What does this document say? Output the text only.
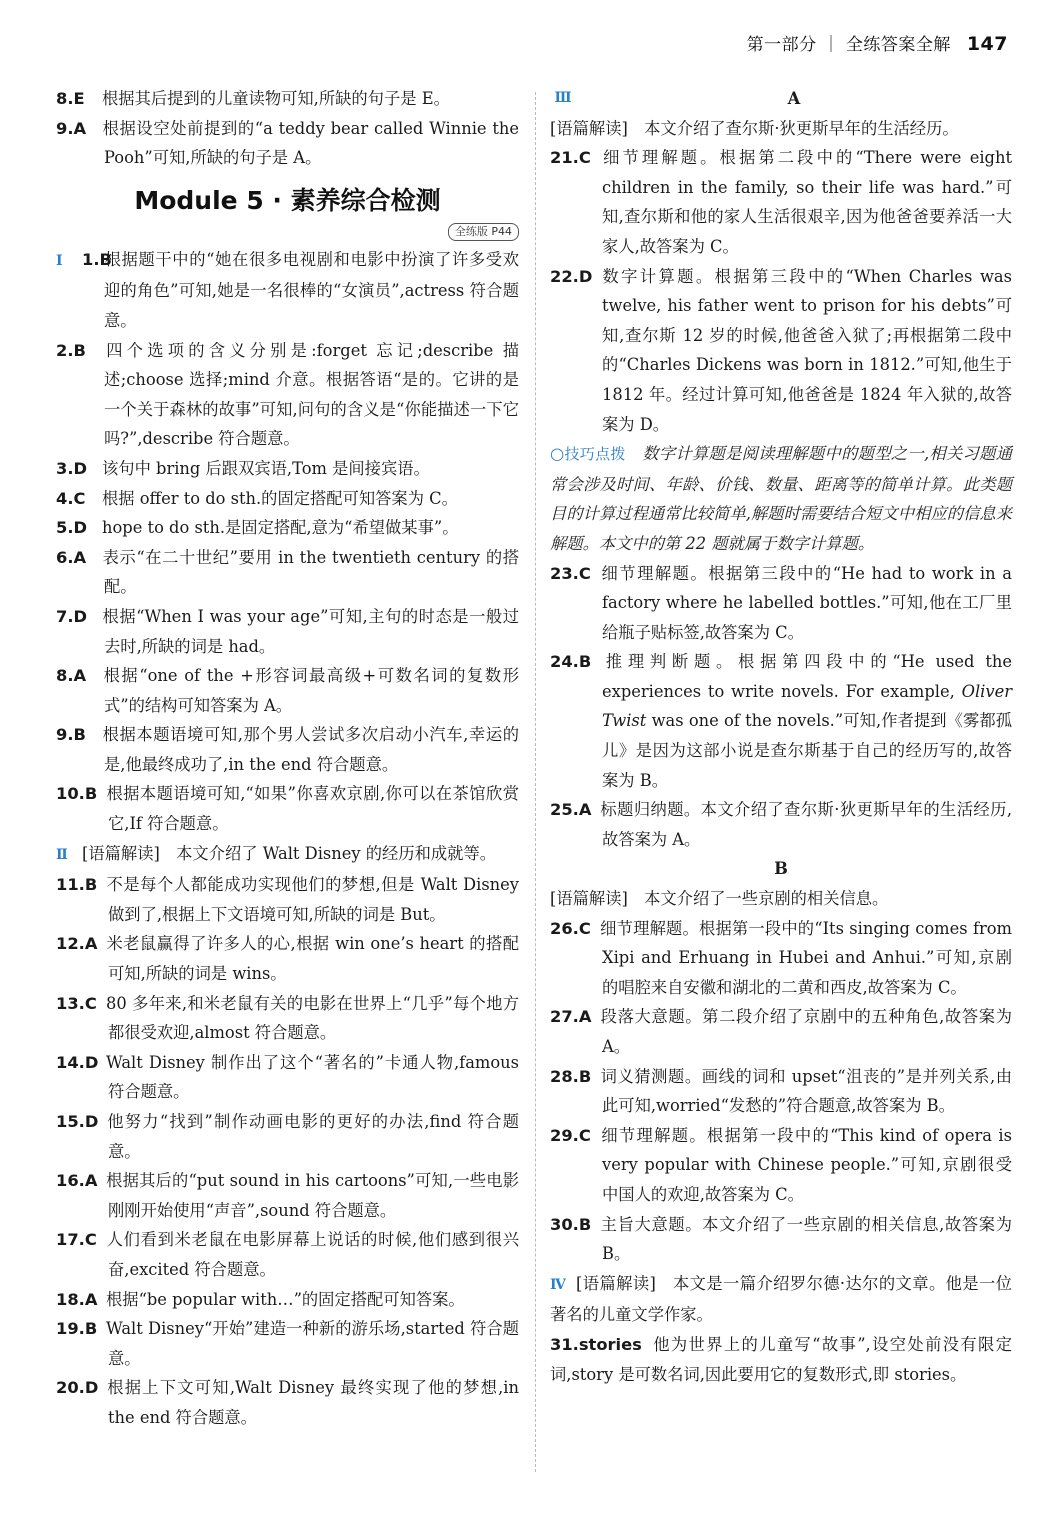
第一部分 ｜ 全练答案全解 147
8.E 根据其后提到的儿童读物可知,所缺的句子是 E。
9.A 根据设空处前提到的“a teddy bear called Winnie the Pooh”可知,所缺的句子是 A。
Module 5 · 素养综合检测
全练版 P44
Ⅰ 1.B根据题干中的“她在很多电视剧和电影中扮演了许多受欢迎的角色”可知,她是一名很棒的“女演员”,actress 符合题意。
2.B 四个选项的含义分别是:forget 忘记;describe 描述;choose 选择;mind 介意。根据答语“是的。它讲的是一个关于森林的故事”可知,问句的含义是“你能描述一下它吗?”,describe 符合题意。
3.D 该句中 bring 后跟双宾语,Tom 是间接宾语。
4.C 根据 offer to do sth.的固定搭配可知答案为 C。
5.D hope to do sth.是固定搭配,意为“希望做某事”。
6.A 表示“在二十世纪”要用 in the twentieth century 的搭配。
7.D 根据“When I was your age”可知,主句的时态是一般过去时,所缺的词是 had。
8.A 根据“one of the +形容词最高级+可数名词的复数形式”的结构可知答案为 A。
9.B 根据本题语境可知,那个男人尝试多次启动小汽车,幸运的是,他最终成功了,in the end 符合题意。
10.B 根据本题语境可知,“如果”你喜欢京剧,你可以在茶馆欣赏它,If 符合题意。
Ⅱ [语篇解读]　本文介绍了 Walt Disney 的经历和成就等。
11.B 不是每个人都能成功实现他们的梦想,但是 Walt Disney 做到了,根据上下文语境可知,所缺的词是 But。
12.A 米老鼠赢得了许多人的心,根据 win one’s heart 的搭配可知,所缺的词是 wins。
13.C 80 多年来,和米老鼠有关的电影在世界上“几乎”每个地方都很受欢迎,almost 符合题意。
14.D Walt Disney 制作出了这个“著名的”卡通人物,famous 符合题意。
15.D 他努力“找到”制作动画电影的更好的办法,find 符合题意。
16.A 根据其后的“put sound in his cartoons”可知,一些电影刚刚开始使用“声音”,sound 符合题意。
17.C 人们看到米老鼠在电影屏幕上说话的时候,他们感到很兴奋,excited 符合题意。
18.A 根据“be popular with…”的固定搭配可知答案。
19.B Walt Disney“开始”建造一种新的游乐场,started 符合题意。
20.D 根据上下文可知,Walt Disney 最终实现了他的梦想,in the end 符合题意。
Ⅲ	A
[语篇解读]　本文介绍了查尔斯·狄更斯早年的生活经历。
21.C 细节理解题。根据第二段中的“There were eight children in the family, so their life was hard.”可知,查尔斯和他的家人生活很艰辛,因为他爸爸要养活一大家人,故答案为 C。
22.D 数字计算题。根据第三段中的“When Charles was twelve, his father went to prison for his debts”可知,查尔斯 12 岁的时候,他爸爸入狱了;再根据第二段中的“Charles Dickens was born in 1812.”可知,他生于 1812 年。经过计算可知,他爸爸是 1824 年入狱的,故答案为 D。
○技巧点拨　 数字计算题是阅读理解题中的题型之一,相关习题通常会涉及时间、年龄、价钱、数量、距离等的简单计算。此类题目的计算过程通常比较简单,解题时需要结合短文中相应的信息来解题。本文中的第 22 题就属于数字计算题。
23.C 细节理解题。根据第三段中的“He had to work in a factory where he labelled bottles.”可知,他在工厂里给瓶子贴标签,故答案为 C。
24.B 推理判断题。根据第四段中的“He used the experiences to write novels. For example, Oliver Twist was one of the novels.”可知,作者提到《雾都孤儿》是因为这部小说是查尔斯基于自己的经历写的,故答案为 B。
25.A 标题归纳题。本文介绍了查尔斯·狄更斯早年的生活经历,故答案为 A。
B
[语篇解读]　本文介绍了一些京剧的相关信息。
26.C 细节理解题。根据第一段中的“Its singing comes from Xipi and Erhuang in Hubei and Anhui.”可知,京剧的唱腔来自安徽和湖北的二黄和西皮,故答案为 C。
27.A 段落大意题。第二段介绍了京剧中的五种角色,故答案为 A。
28.B 词义猜测题。画线的词和 upset“沮丧的”是并列关系,由此可知,worried“发愁的”符合题意,故答案为 B。
29.C 细节理解题。根据第一段中的“This kind of opera is very popular with Chinese people.”可知,京剧很受中国人的欢迎,故答案为 C。
30.B 主旨大意题。本文介绍了一些京剧的相关信息,故答案为 B。
Ⅳ [语篇解读]　本文是一篇介绍罗尔德·达尔的文章。他是一位著名的儿童文学作家。
31.stories 他为世界上的儿童写“故事”,设空处前没有限定词,story 是可数名词,因此要用它的复数形式,即 stories。
